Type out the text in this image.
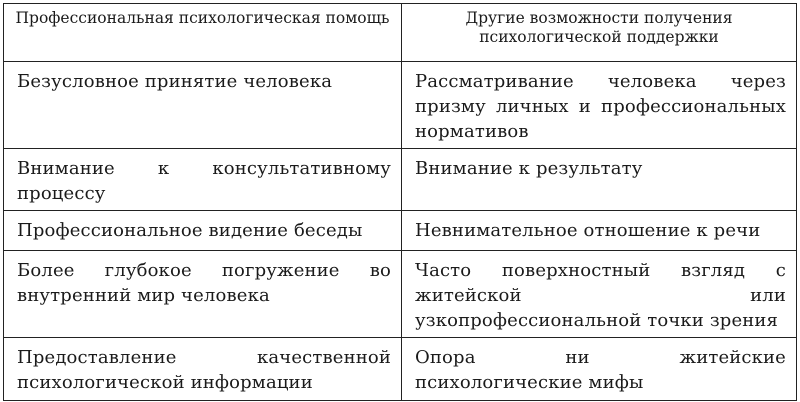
Профессиональная психологическая помощь	Другие возможности получения психологической поддержки

Безусловное принятие человека	Рассматривание человека через призму личных и профессиональных нормативов

Внимание к консультативному процессу	Внимание к результату

Профессиональное видение беседы	Невнимательное отношение к речи

Более глубокое погружение во внутренний мир человека	Часто поверхностный взгляд с житейской или узкопрофессиональной точки зрения

Предоставление качественной психологической информации	Опора ни житейские психологические мифы
